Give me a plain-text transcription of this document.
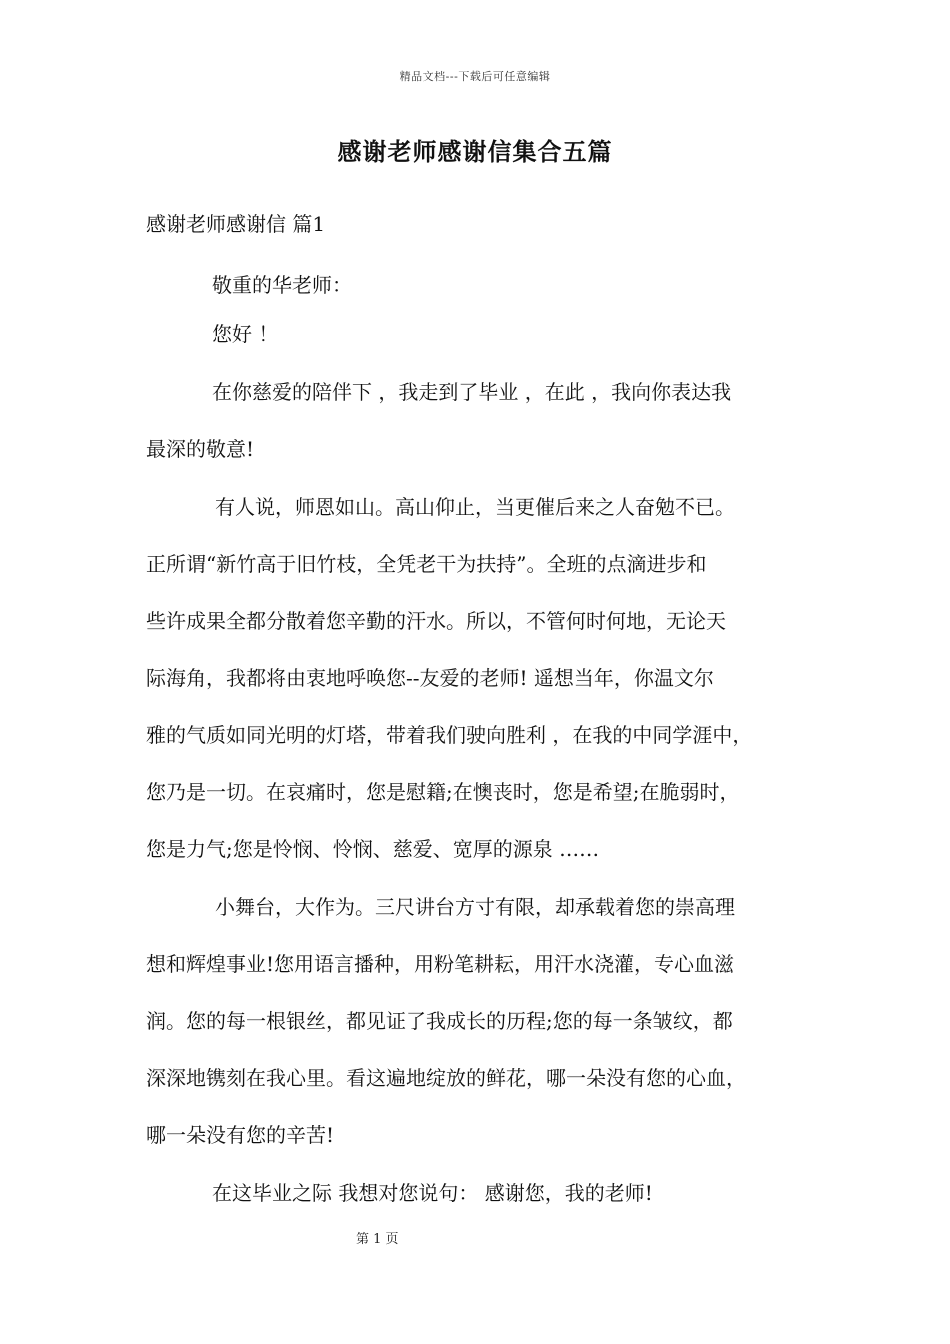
精品文档---下载后可任意编辑
感谢老师感谢信集合五篇
感谢老师感谢信 篇1
敬重的华老师：
您好 ！
在你慈爱的陪伴下 ，我走到了毕业 ，在此 ，我向你表达我
最深的敬意!
有人说，师恩如山。高山仰止，当更催后来之人奋勉不已。
正所谓“新竹高于旧竹枝，全凭老干为扶持”。全班的点滴进步和
些许成果全都分散着您辛勤的汗水。所以，不管何时何地，无论天
际海角，我都将由衷地呼唤您--友爱的老师! 遥想当年，你温文尔
雅的气质如同光明的灯塔，带着我们驶向胜利 ，在我的中同学涯中，
您乃是一切。在哀痛时，您是慰籍;在懊丧时，您是希望;在脆弱时，
您是力气;您是怜悯、怜悯、慈爱、宽厚的源泉 ……
小舞台，大作为。三尺讲台方寸有限，却承载着您的崇高理
想和辉煌事业!您用语言播种，用粉笔耕耘，用汗水浇灌，专心血滋
润。您的每一根银丝，都见证了我成长的历程;您的每一条皱纹，都
深深地镌刻在我心里。看这遍地绽放的鲜花，哪一朵没有您的心血，
哪一朵没有您的辛苦!
在这毕业之际 我想对您说句： 感谢您，我的老师!
第 1 页
